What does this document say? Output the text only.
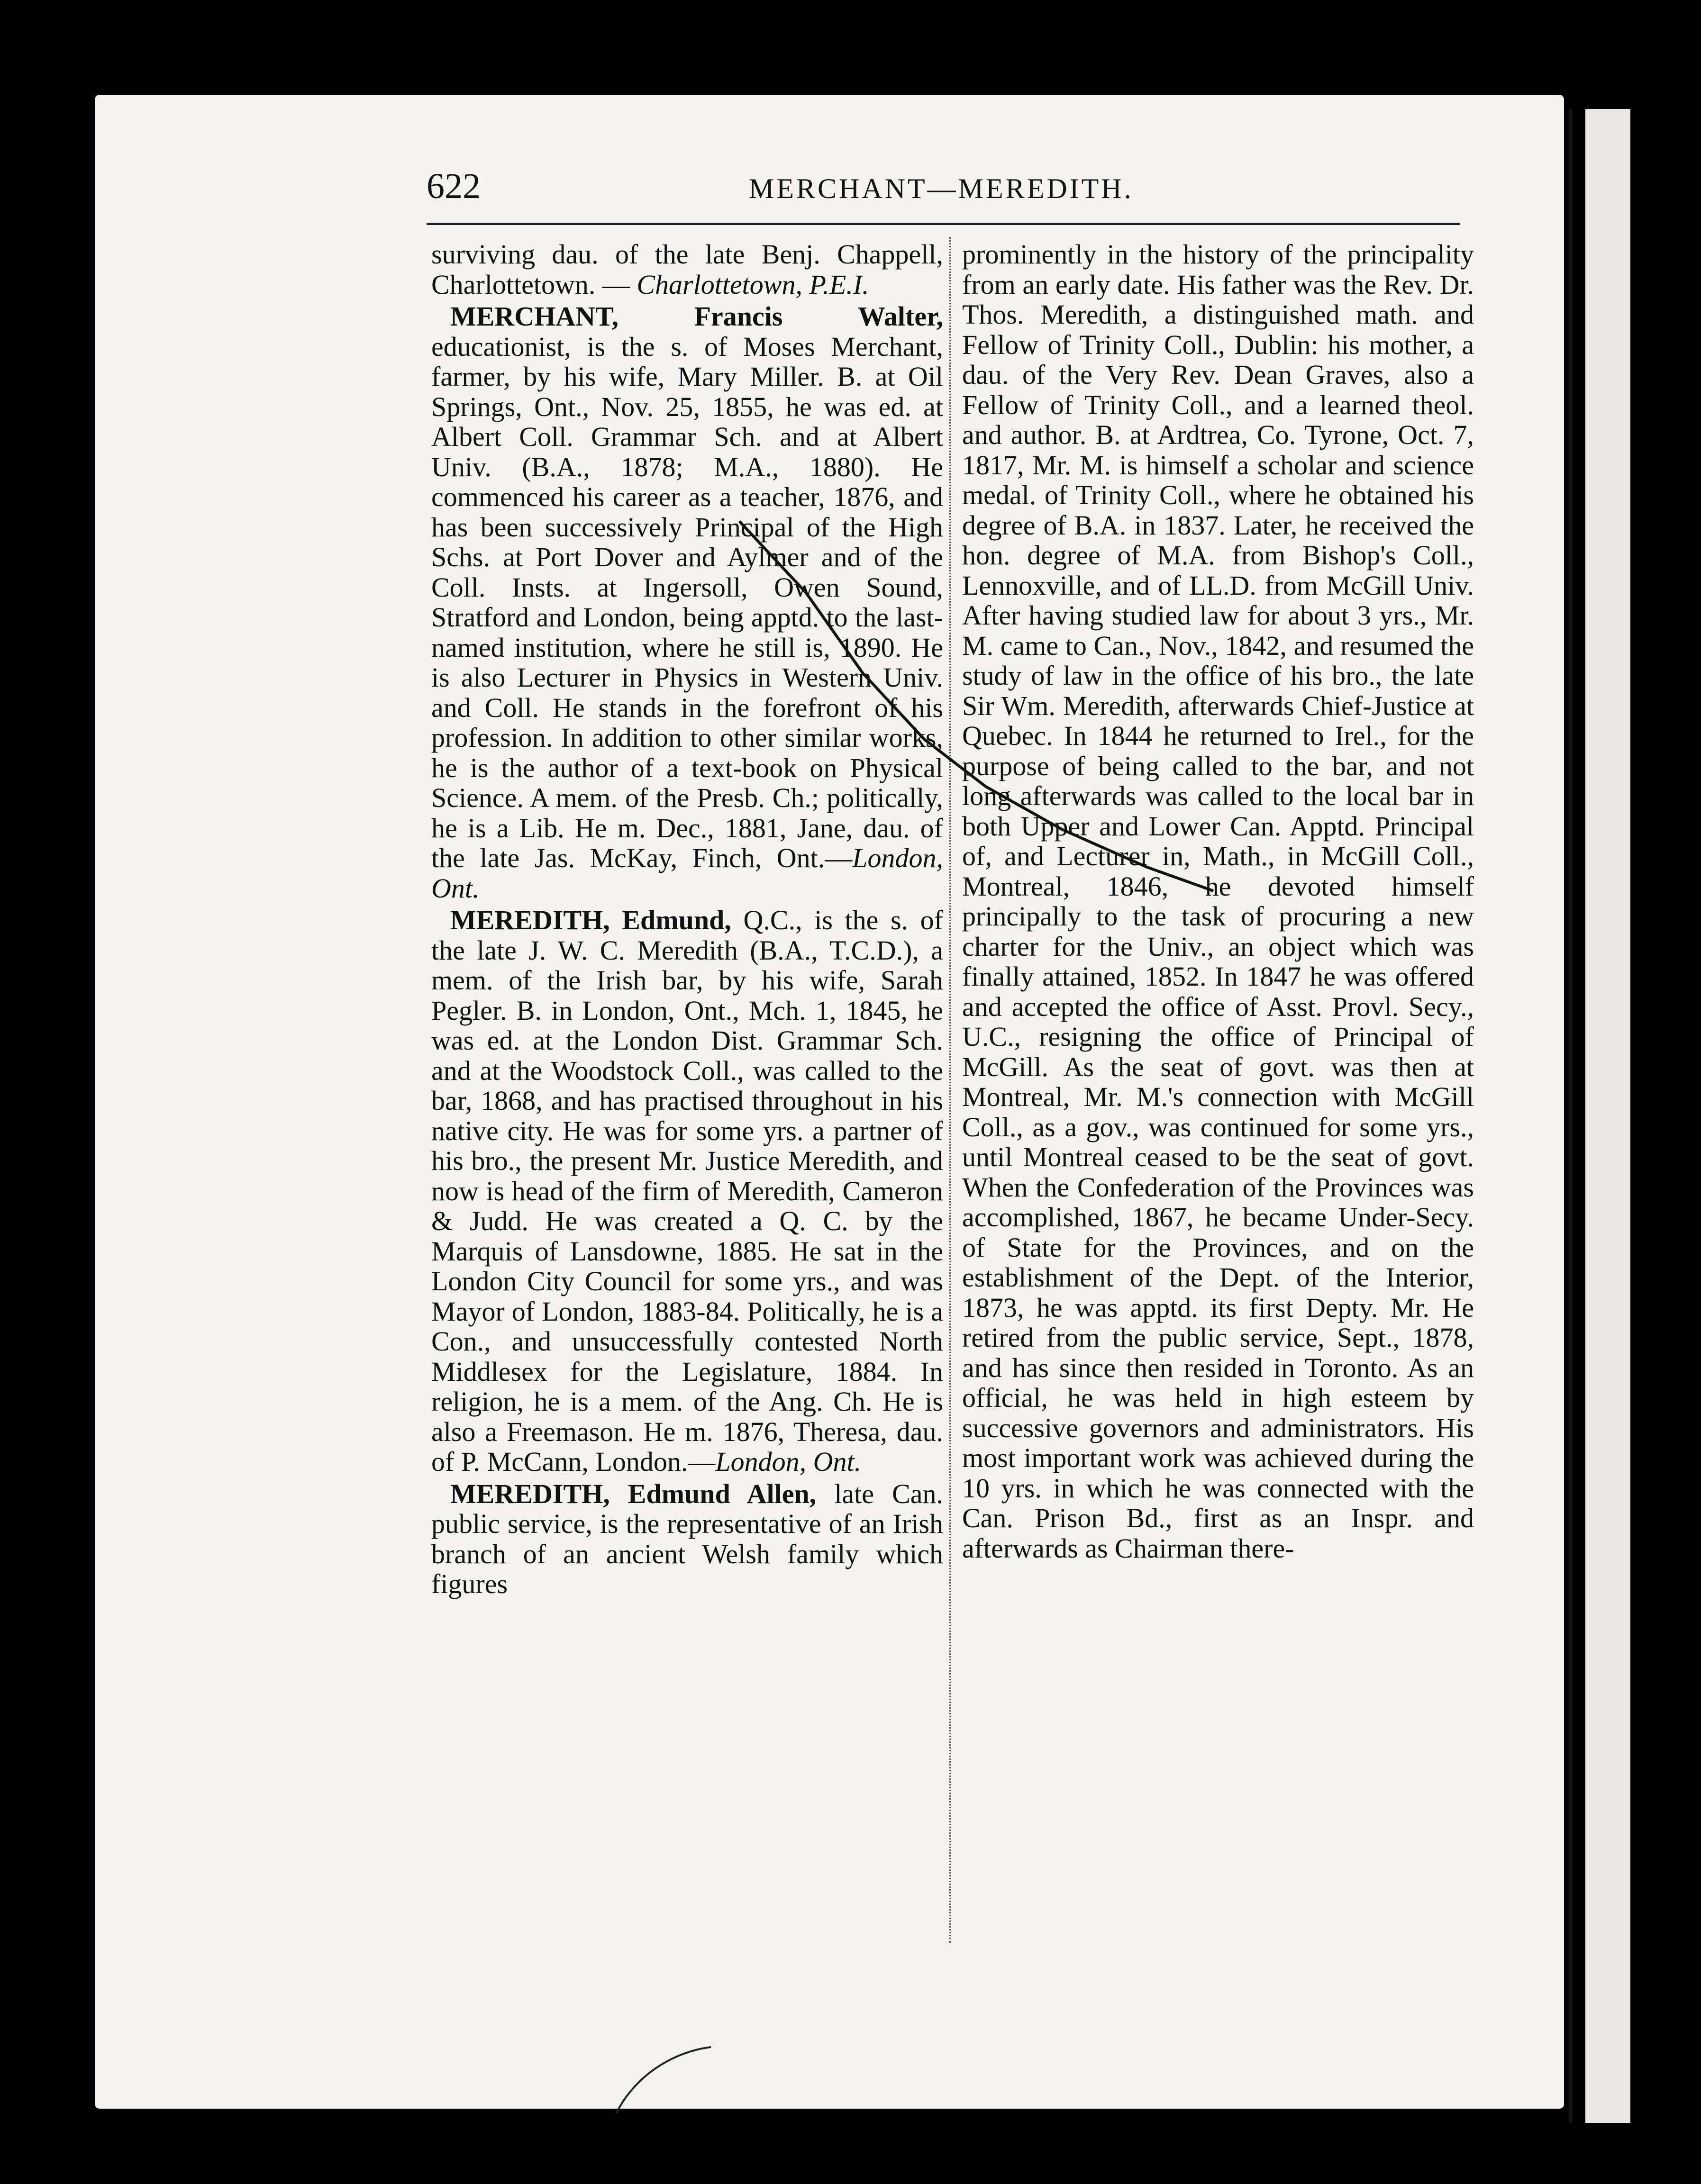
622	MERCHANT—MEREDITH.

surviving dau. of the late Benj. Chappell, Charlottetown. — Charlottetown, P.E.I.

MERCHANT, Francis Walter, educationist, is the s. of Moses Merchant, farmer, by his wife, Mary Miller. B. at Oil Springs, Ont., Nov. 25, 1855, he was ed. at Albert Coll. Grammar Sch. and at Albert Univ. (B.A., 1878; M.A., 1880). He commenced his career as a teacher, 1876, and has been successively Principal of the High Schs. at Port Dover and Aylmer and of the Coll. Insts. at Ingersoll, Owen Sound, Stratford and London, being apptd. to the last-named institution, where he still is, 1890. He is also Lecturer in Physics in Western Univ. and Coll. He stands in the forefront of his profession. In addition to other similar works, he is the author of a text-book on Physical Science. A mem. of the Presb. Ch.; politically, he is a Lib. He m. Dec., 1881, Jane, dau. of the late Jas. McKay, Finch, Ont.—London, Ont.

MEREDITH, Edmund, Q.C., is the s. of the late J. W. C. Meredith (B.A., T.C.D.), a mem. of the Irish bar, by his wife, Sarah Pegler. B. in London, Ont., Mch. 1, 1845, he was ed. at the London Dist. Grammar Sch. and at the Woodstock Coll., was called to the bar, 1868, and has practised throughout in his native city. He was for some yrs. a partner of his bro., the present Mr. Justice Meredith, and now is head of the firm of Meredith, Cameron & Judd. He was created a Q. C. by the Marquis of Lansdowne, 1885. He sat in the London City Council for some yrs., and was Mayor of London, 1883-84. Politically, he is a Con., and unsuccessfully contested North Middlesex for the Legislature, 1884. In religion, he is a mem. of the Ang. Ch. He is also a Freemason. He m. 1876, Theresa, dau. of P. McCann, London.—London, Ont.

MEREDITH, Edmund Allen, late Can. public service, is the representative of an Irish branch of an ancient Welsh family which figures

prominently in the history of the principality from an early date. His father was the Rev. Dr. Thos. Meredith, a distinguished math. and Fellow of Trinity Coll., Dublin: his mother, a dau. of the Very Rev. Dean Graves, also a Fellow of Trinity Coll., and a learned theol. and author. B. at Ardtrea, Co. Tyrone, Oct. 7, 1817, Mr. M. is himself a scholar and science medal. of Trinity Coll., where he obtained his degree of B.A. in 1837. Later, he received the hon. degree of M.A. from Bishop's Coll., Lennoxville, and of LL.D. from McGill Univ. After having studied law for about 3 yrs., Mr. M. came to Can., Nov., 1842, and resumed the study of law in the office of his bro., the late Sir Wm. Meredith, afterwards Chief-Justice at Quebec. In 1844 he returned to Irel., for the purpose of being called to the bar, and not long afterwards was called to the local bar in both Upper and Lower Can. Apptd. Principal of, and Lecturer in, Math., in McGill Coll., Montreal, 1846, he devoted himself principally to the task of procuring a new charter for the Univ., an object which was finally attained, 1852. In 1847 he was offered and accepted the office of Asst. Provl. Secy., U.C., resigning the office of Principal of McGill. As the seat of govt. was then at Montreal, Mr. M.'s connection with McGill Coll., as a gov., was continued for some yrs., until Montreal ceased to be the seat of govt. When the Confederation of the Provinces was accomplished, 1867, he became Under-Secy. of State for the Provinces, and on the establishment of the Dept. of the Interior, 1873, he was apptd. its first Depty. Mr. He retired from the public service, Sept., 1878, and has since then resided in Toronto. As an official, he was held in high esteem by successive governors and administrators. His most important work was achieved during the 10 yrs. in which he was connected with the Can. Prison Bd., first as an Inspr. and afterwards as Chairman there-
